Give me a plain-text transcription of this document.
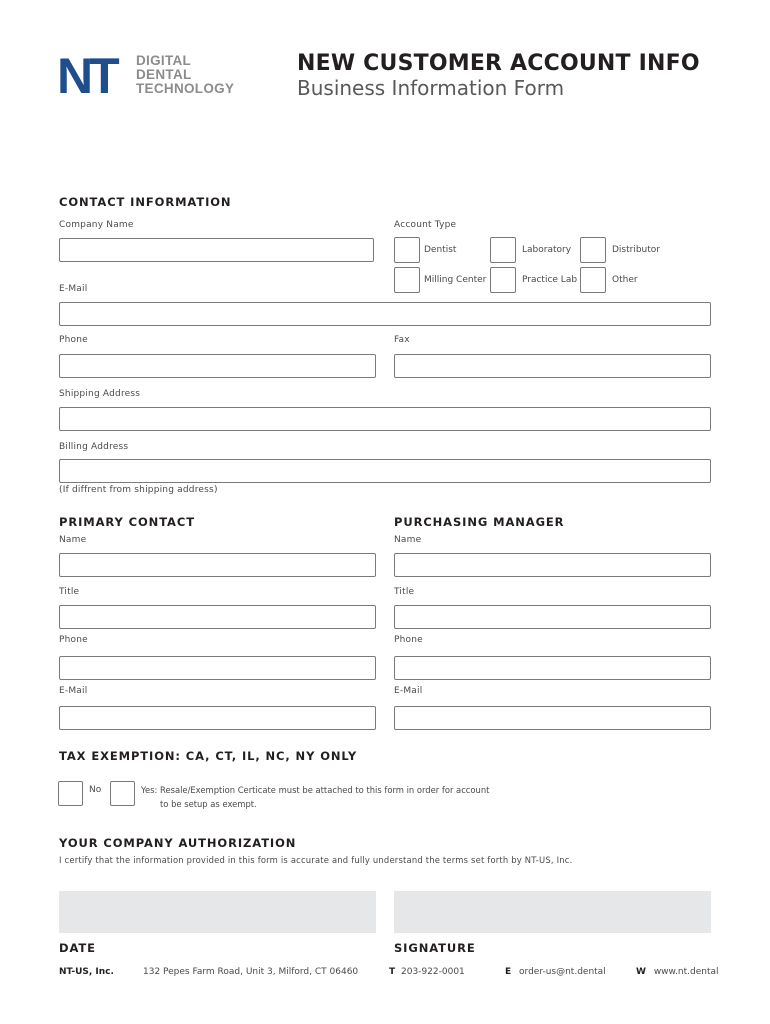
NT DIGITAL
DENTAL
TECHNOLOGY
NEW CUSTOMER ACCOUNT INFO
Business Information Form
CONTACT INFORMATION
Company Name	Account Type
Dentist	Laboratory	Distributor
Milling Center	Practice Lab	Other
E-Mail
Phone	Fax
Shipping Address
Billing Address
(If diffrent from shipping address)
PRIMARY CONTACT	PURCHASING MANAGER
Name	Name
Title	Title
Phone	Phone
E-Mail	E-Mail
TAX EXEMPTION: CA, CT, IL, NC, NY ONLY
No	Yes: Resale/Exemption Certicate must be attached to this form in order for account
to be setup as exempt.
YOUR COMPANY AUTHORIZATION
I certify that the information provided in this form is accurate and fully understand the terms set forth by NT-US, Inc.
DATE	SIGNATURE
NT-US, Inc.	132 Pepes Farm Road, Unit 3, Milford, CT 06460	T 203-922-0001	E order-us@nt.dental	W www.nt.dental
